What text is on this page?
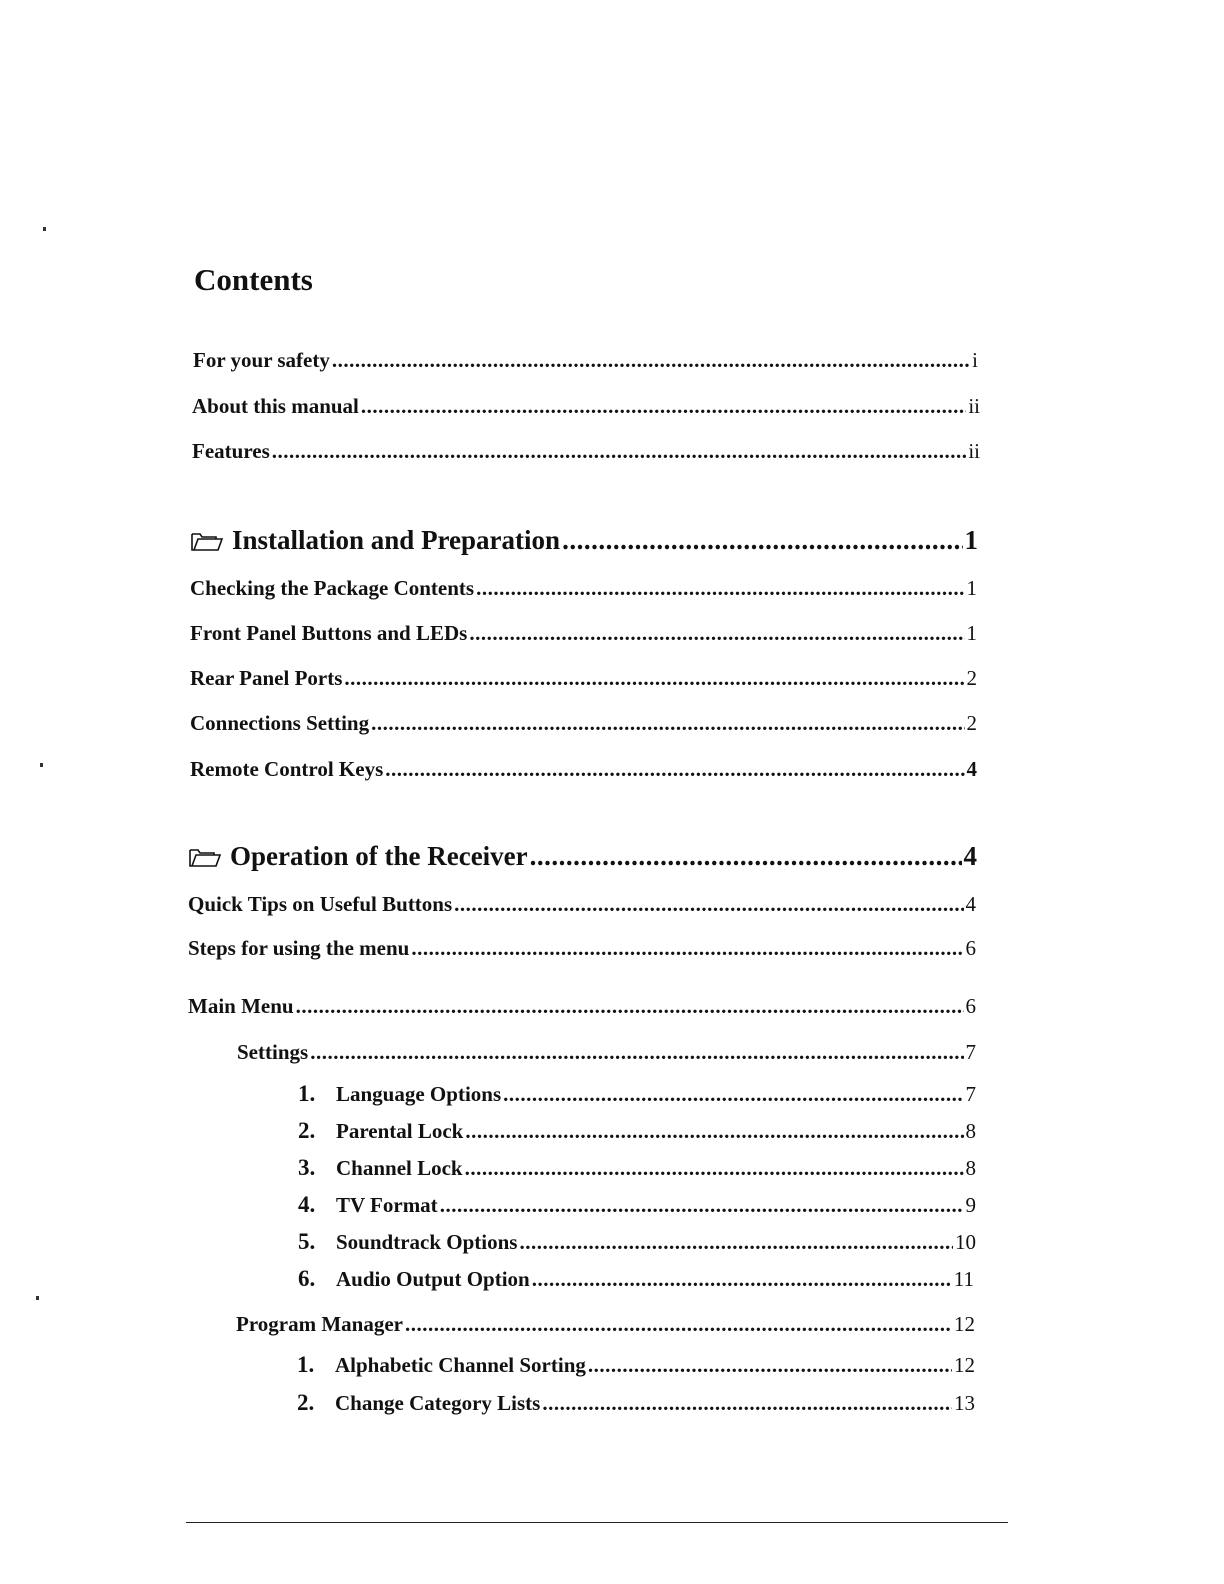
Contents
For your safety .....	i
About this manual .....	ii
Features .....	ii
Installation and Preparation .....	1
Checking the Package Contents .....	1
Front Panel Buttons and LEDs .....	1
Rear Panel Ports .....	2
Connections Setting .....	2
Remote Control Keys .....	4
Operation of the Receiver .....	4
Quick Tips on Useful Buttons .....	4
Steps for using the menu .....	6
Main Menu .....	6
Settings .....	7
1. Language Options .....	7
2. Parental Lock .....	8
3. Channel Lock .....	8
4. TV Format .....	9
5. Soundtrack Options .....	10
6. Audio Output Option .....	11
Program Manager .....	12
1. Alphabetic Channel Sorting .....	12
2. Change Category Lists .....	13
